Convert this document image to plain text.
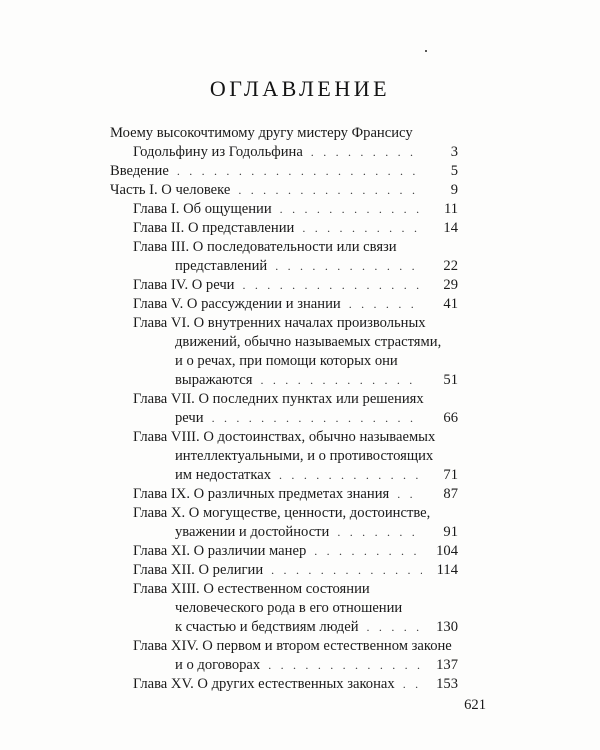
ОГЛАВЛЕНИЕ
Моему высокочтимому другу мистеру Франсису
Годольфину из Годольфина . . .	3
Введение . . .	5
Часть I. О человеке . . .	9
Глава I. Об ощущении . . .	11
Глава II. О представлении . . .	14
Глава III. О последовательности или связи
представлений . . .	22
Глава IV. О речи . . .	29
Глава V. О рассуждении и знании . . .	41
Глава VI. О внутренних началах произвольных
движений, обычно называемых страстями,
и о речах, при помощи которых они
выражаются . . .	51
Глава VII. О последних пунктах или решениях
речи . . .	66
Глава VIII. О достоинствах, обычно называемых
интеллектуальными, и о противостоящих
им недостатках . . .	71
Глава IX. О различных предметах знания . . .	87
Глава X. О могуществе, ценности, достоинстве,
уважении и достойности . . .	91
Глава XI. О различии манер . . .	104
Глава XII. О религии . . .	114
Глава XIII. О естественном состоянии
человеческого рода в его отношении
к счастью и бедствиям людей . . .	130
Глава XIV. О первом и втором естественном законе
и о договорах . . .	137
Глава XV. О других естественных законах . . .	153
621
